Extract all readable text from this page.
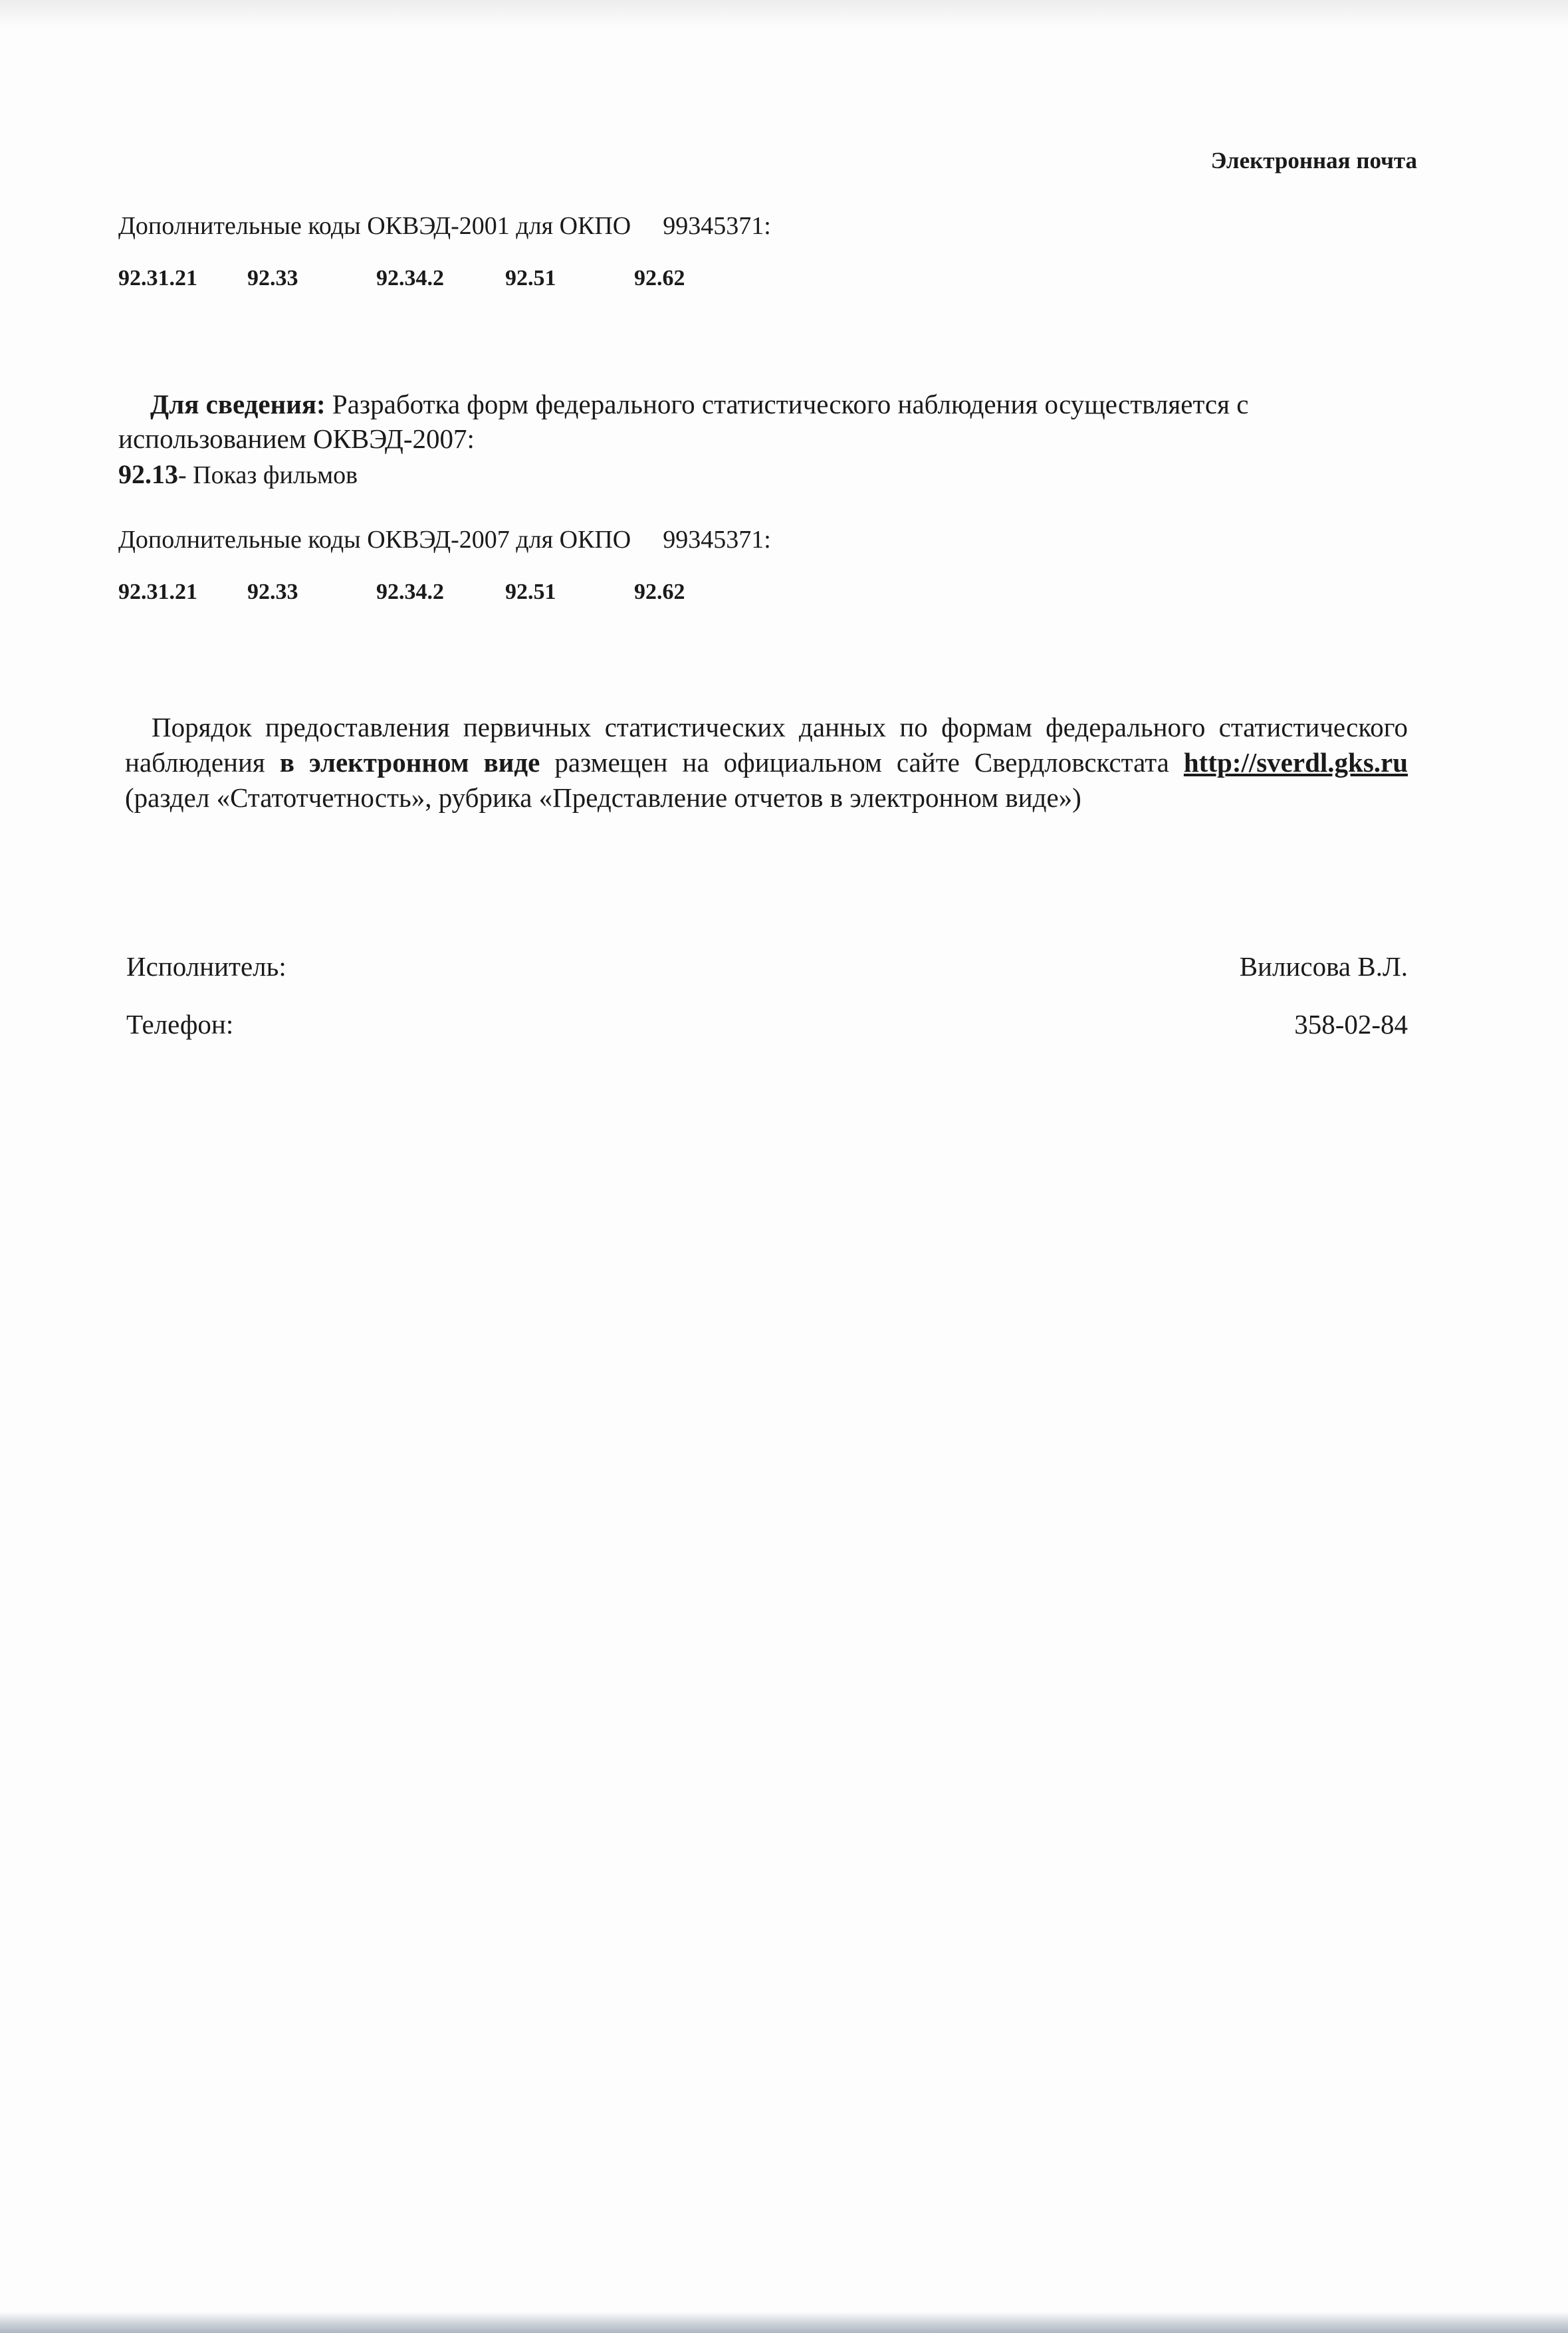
Электронная почта
Дополнительные коды ОКВЭД-2001 для ОКПО 99345371:
92.31.21 92.33	92.34.2	92.51	92.62
Для сведения: Разработка форм федерального статистического наблюдения осуществляется с использованием ОКВЭД-2007:
92.13- Показ фильмов
Дополнительные коды ОКВЭД-2007 для ОКПО 99345371:
92.31.21 92.33	92.34.2	92.51	92.62
Порядок предоставления первичных статистических данных по формам федерального статистического наблюдения в электронном виде размещен на официальном сайте Свердловскстата http://sverdl.gks.ru (раздел «Статотчетность», рубрика «Представление отчетов в электронном виде»)
Исполнитель:	Вилисова В.Л.
Телефон:	358-02-84
